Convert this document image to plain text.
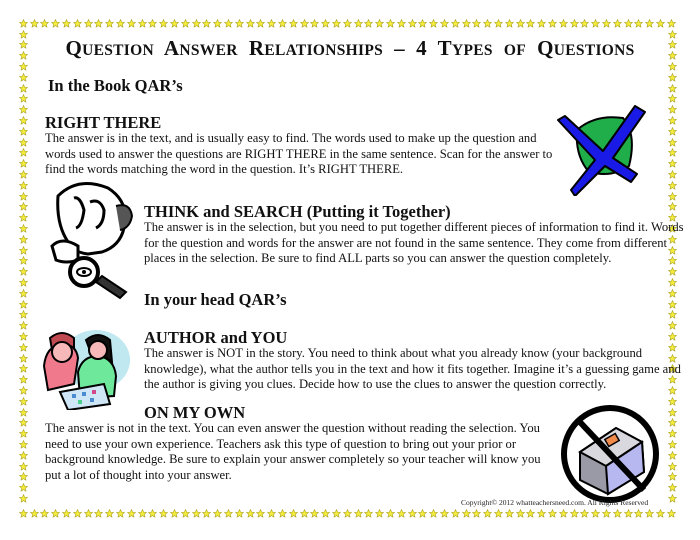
QUESTION ANSWER RELATIONSHIPS – 4 TYPES OF QUESTIONS
In the Book QAR’s
RIGHT THERE
The answer is in the text, and is usually easy to find. The words used to make up the question and words used to answer the questions are RIGHT THERE in the same sentence. Scan for the answer to find the words matching the word in the question. It’s RIGHT THERE.
THINK and SEARCH (Putting it Together)
The answer is in the selection, but you need to put together different pieces of information to find it. Words for the question and words for the answer are not found in the same sentence. They come from different places in the selection. Be sure to find ALL parts so you can answer the question completely.
In your head QAR’s
AUTHOR and YOU
The answer is NOT in the story. You need to think about what you already know (your background knowledge), what the author tells you in the text and how it fits together. Imagine it’s a guessing game and the author is giving you clues. Decide how to use the clues to answer the question correctly.
ON MY OWN
The answer is not in the text. You can even answer the question without reading the selection. You need to use your own experience. Teachers ask this type of question to bring out your prior or background knowledge. Be sure to explain your answer completely so your teacher will know you put a lot of thought into your answer.
Copyright© 2012 whatteachersneed.com. All Rights Reserved
